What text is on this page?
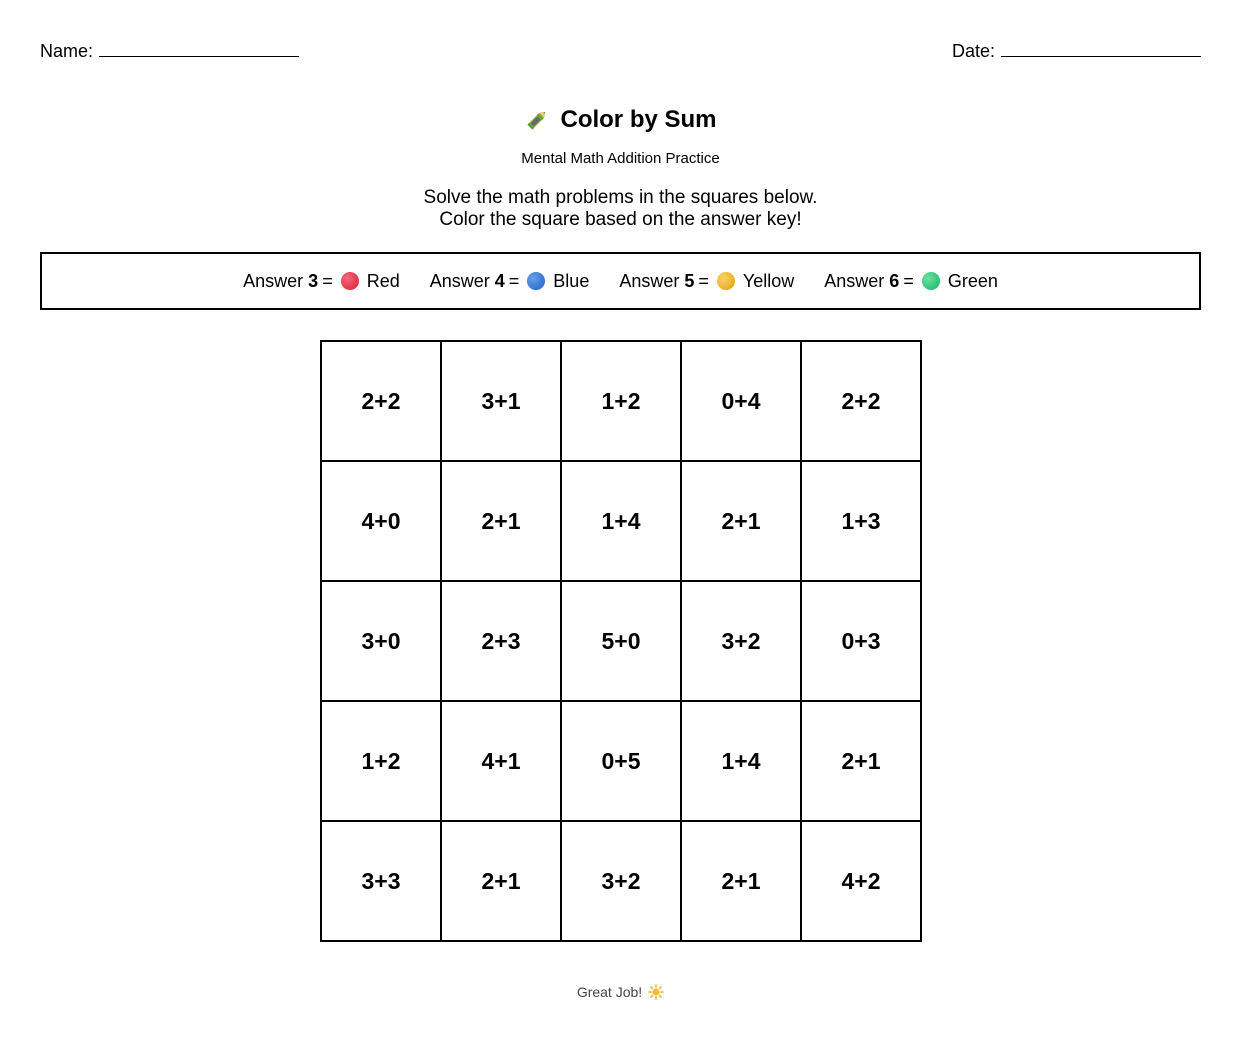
Name:	Date:
Color by Sum
Mental Math Addition Practice
Solve the math problems in the squares below.
Color the square based on the answer key!
Answer 3 = Red Answer 4 = Blue Answer 5 = Yellow Answer 6 = Green
2+2	3+1	1+2	0+4	2+2
4+0	2+1	1+4	2+1	1+3
3+0	2+3	5+0	3+2	0+3
1+2	4+1	0+5	1+4	2+1
3+3	2+1	3+2	2+1	4+2
Great Job!
